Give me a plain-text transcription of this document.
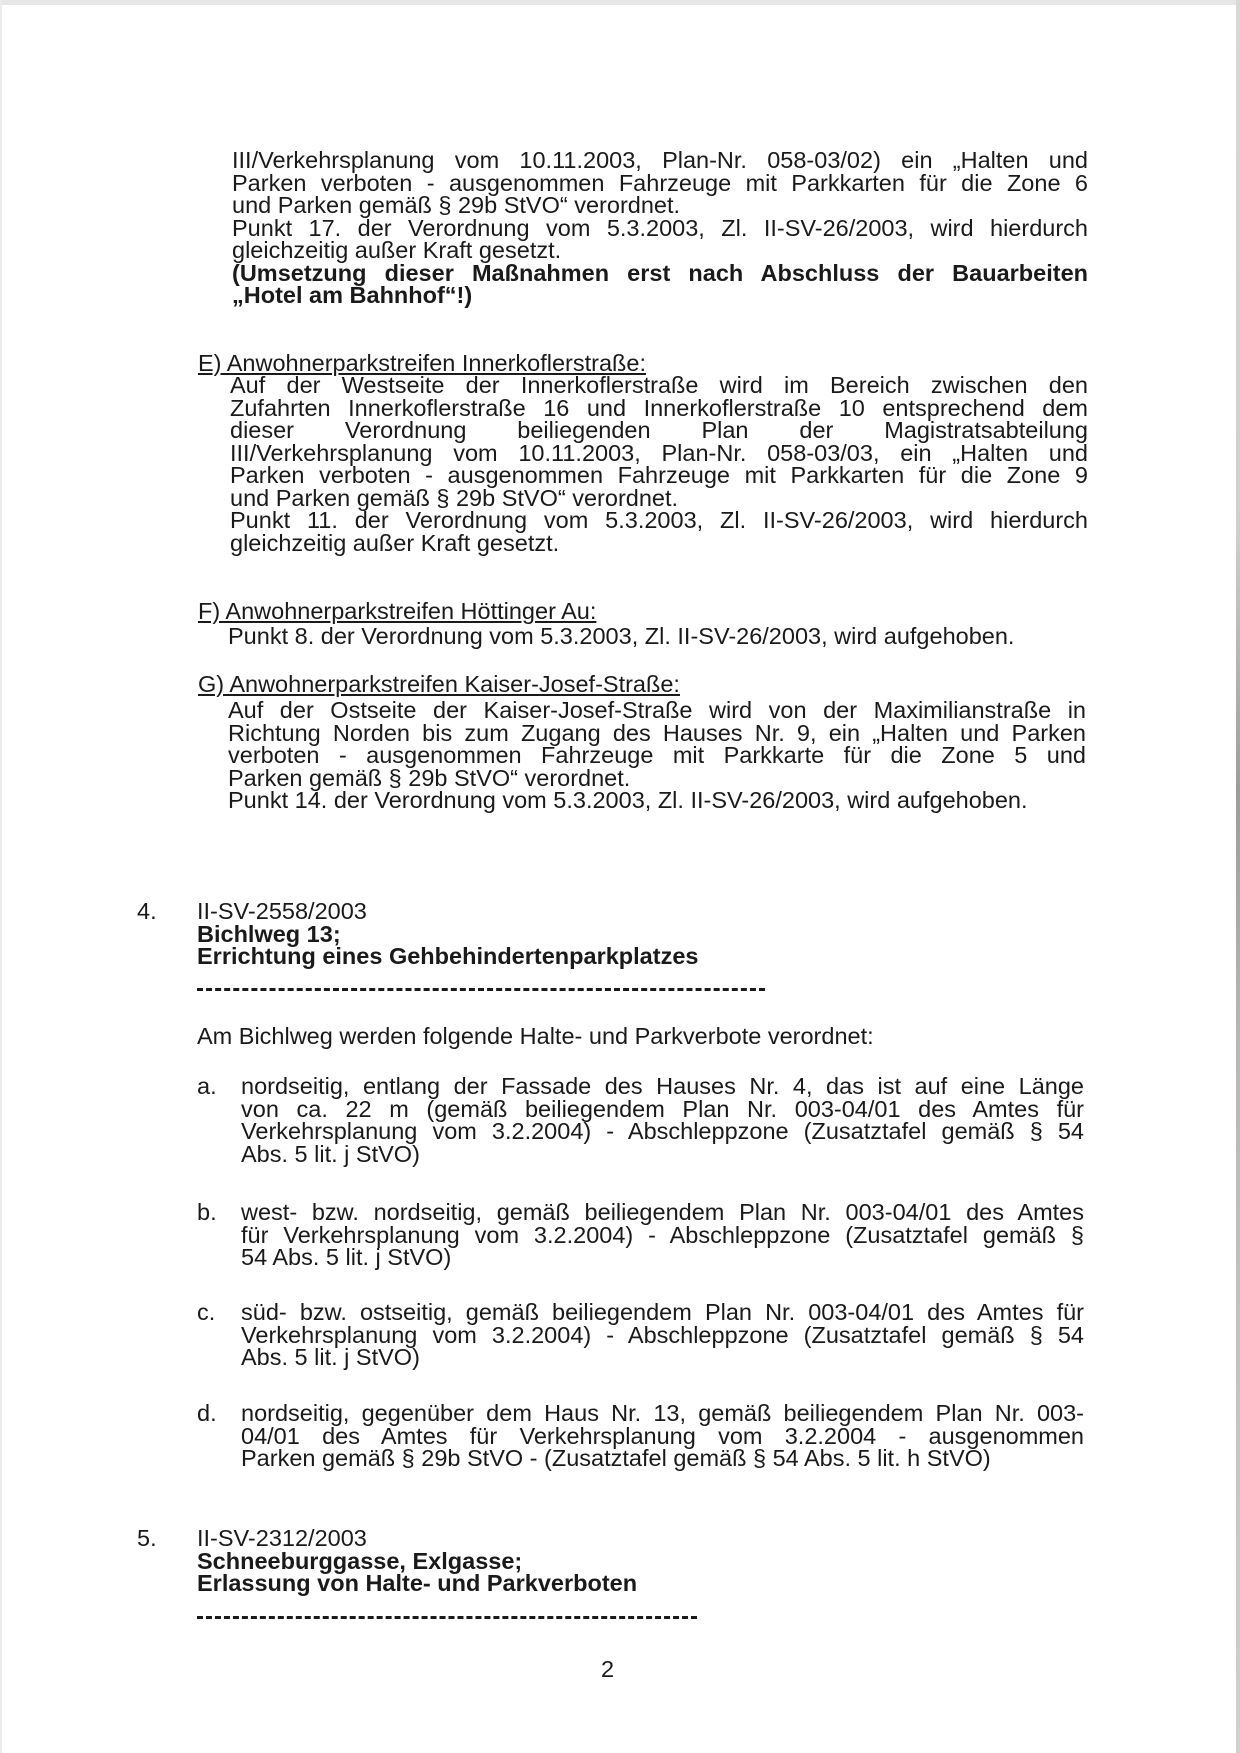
III/Verkehrsplanung vom 10.11.2003, Plan-Nr. 058-03/02) ein „Halten und

Parken verboten - ausgenommen Fahrzeuge mit Parkkarten für die Zone 6

und Parken gemäß § 29b StVO“ verordnet.

Punkt 17. der Verordnung vom 5.3.2003, Zl. II-SV-26/2003, wird hierdurch

gleichzeitig außer Kraft gesetzt.

(Umsetzung dieser Maßnahmen erst nach Abschluss der Bauarbeiten

„Hotel am Bahnhof“!)

E) Anwohnerparkstreifen Innerkoflerstraße:

Auf der Westseite der Innerkoflerstraße wird im Bereich zwischen den

Zufahrten Innerkoflerstraße 16 und Innerkoflerstraße 10 entsprechend dem

dieser Verordnung beiliegenden Plan der Magistratsabteilung

III/Verkehrsplanung vom 10.11.2003, Plan-Nr. 058-03/03, ein „Halten und

Parken verboten - ausgenommen Fahrzeuge mit Parkkarten für die Zone 9

und Parken gemäß § 29b StVO“ verordnet.

Punkt 11. der Verordnung vom 5.3.2003, Zl. II-SV-26/2003, wird hierdurch

gleichzeitig außer Kraft gesetzt.

F) Anwohnerparkstreifen Höttinger Au:

Punkt 8. der Verordnung vom 5.3.2003, Zl. II-SV-26/2003, wird aufgehoben.

G) Anwohnerparkstreifen Kaiser-Josef-Straße:

Auf der Ostseite der Kaiser-Josef-Straße wird von der Maximilianstraße in

Richtung Norden bis zum Zugang des Hauses Nr. 9, ein „Halten und Parken

verboten - ausgenommen Fahrzeuge mit Parkkarte für die Zone 5 und

Parken gemäß § 29b StVO“ verordnet.

Punkt 14. der Verordnung vom 5.3.2003, Zl. II-SV-26/2003, wird aufgehoben.

4. II-SV-2558/2003

Bichlweg 13;

Errichtung eines Gehbehindertenparkplatzes

Am Bichlweg werden folgende Halte- und Parkverbote verordnet:

a. nordseitig, entlang der Fassade des Hauses Nr. 4, das ist auf eine Länge

von ca. 22 m (gemäß beiliegendem Plan Nr. 003-04/01 des Amtes für

Verkehrsplanung vom 3.2.2004) - Abschleppzone (Zusatztafel gemäß § 54

Abs. 5 lit. j StVO)

b. west- bzw. nordseitig, gemäß beiliegendem Plan Nr. 003-04/01 des Amtes

für Verkehrsplanung vom 3.2.2004) - Abschleppzone (Zusatztafel gemäß §

54 Abs. 5 lit. j StVO)

c. süd- bzw. ostseitig, gemäß beiliegendem Plan Nr. 003-04/01 des Amtes für

Verkehrsplanung vom 3.2.2004) - Abschleppzone (Zusatztafel gemäß § 54

Abs. 5 lit. j StVO)

d. nordseitig, gegenüber dem Haus Nr. 13, gemäß beiliegendem Plan Nr. 003-

04/01 des Amtes für Verkehrsplanung vom 3.2.2004 - ausgenommen

Parken gemäß § 29b StVO - (Zusatztafel gemäß § 54 Abs. 5 lit. h StVO)

5. II-SV-2312/2003

Schneeburggasse, Exlgasse;

Erlassung von Halte- und Parkverboten

2
